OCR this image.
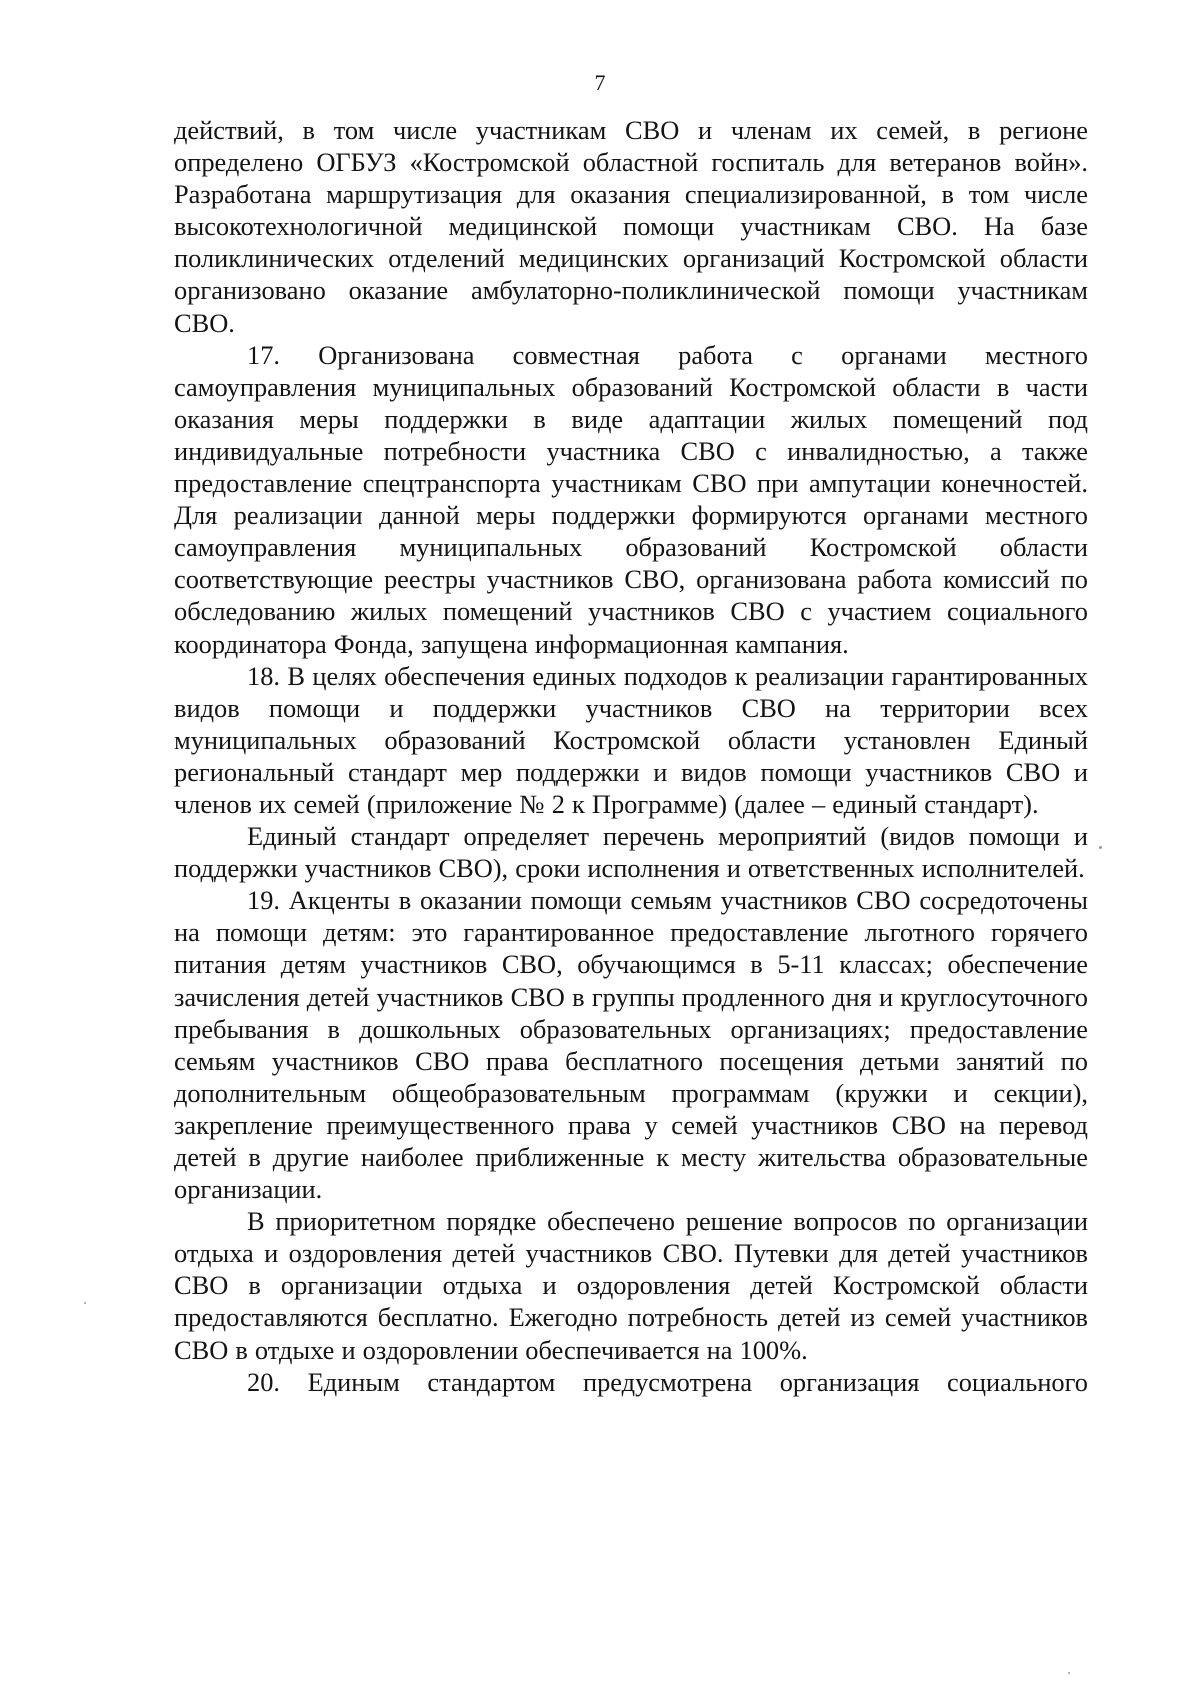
7

действий, в том числе участникам СВО и членам их семей, в регионе определено ОГБУЗ «Костромской областной госпиталь для ветеранов войн». Разработана маршрутизация для оказания специализированной, в том числе высокотехнологичной медицинской помощи участникам СВО. На базе поликлинических отделений медицинских организаций Костромской области организовано оказание амбулаторно-поликлинической помощи участникам СВО.

17. Организована совместная работа с органами местного самоуправления муниципальных образований Костромской области в части оказания меры поддержки в виде адаптации жилых помещений под индивидуальные потребности участника СВО с инвалидностью, а также предоставление спецтранспорта участникам СВО при ампутации конечностей. Для реализации данной меры поддержки формируются органами местного самоуправления муниципальных образований Костромской области соответствующие реестры участников СВО, организована работа комиссий по обследованию жилых помещений участников СВО с участием социального координатора Фонда, запущена информационная кампания.

18. В целях обеспечения единых подходов к реализации гарантированных видов помощи и поддержки участников СВО на территории всех муниципальных образований Костромской области установлен Единый региональный стандарт мер поддержки и видов помощи участников СВО и членов их семей (приложение № 2 к Программе) (далее – единый стандарт).

Единый стандарт определяет перечень мероприятий (видов помощи и поддержки участников СВО), сроки исполнения и ответственных исполнителей.

19. Акценты в оказании помощи семьям участников СВО сосредоточены на помощи детям: это гарантированное предоставление льготного горячего питания детям участников СВО, обучающимся в 5-11 классах; обеспечение зачисления детей участников СВО в группы продленного дня и круглосуточного пребывания в дошкольных образовательных организациях; предоставление семьям участников СВО права бесплатного посещения детьми занятий по дополнительным общеобразовательным программам (кружки и секции), закрепление преимущественного права у семей участников СВО на перевод детей в другие наиболее приближенные к месту жительства образовательные организации.

В приоритетном порядке обеспечено решение вопросов по организации отдыха и оздоровления детей участников СВО. Путевки для детей участников СВО в организации отдыха и оздоровления детей Костромской области предоставляются бесплатно. Ежегодно потребность детей из семей участников СВО в отдыхе и оздоровлении обеспечивается на 100%.

20. Единым стандартом предусмотрена организация социального
